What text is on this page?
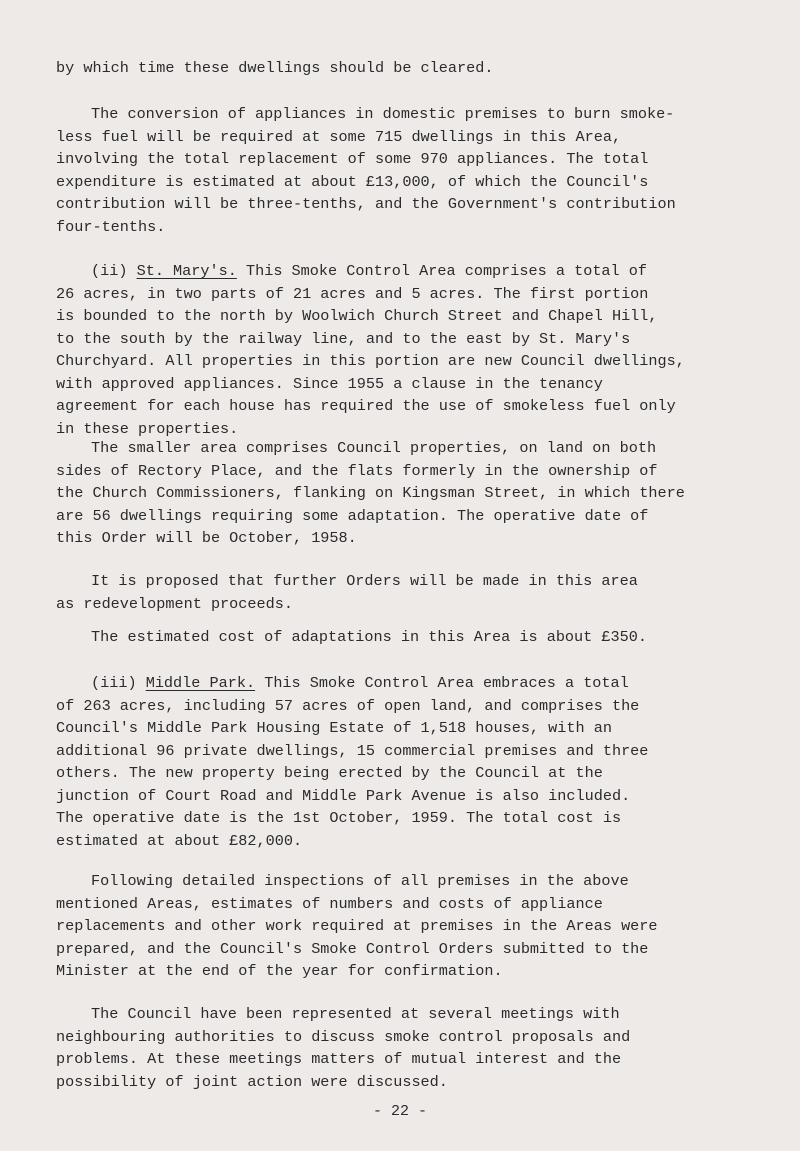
by which time these dwellings should be cleared.

The conversion of appliances in domestic premises to burn smoke-
less fuel will be required at some 715 dwellings in this Area,
involving the total replacement of some 970 appliances. The total
expenditure is estimated at about £13,000, of which the Council's
contribution will be three-tenths, and the Government's contribution
four-tenths.

(ii) St. Mary's. This Smoke Control Area comprises a total of
26 acres, in two parts of 21 acres and 5 acres. The first portion
is bounded to the north by Woolwich Church Street and Chapel Hill,
to the south by the railway line, and to the east by St. Mary's
Churchyard. All properties in this portion are new Council dwellings,
with approved appliances. Since 1955 a clause in the tenancy
agreement for each house has required the use of smokeless fuel only
in these properties.

The smaller area comprises Council properties, on land on both
sides of Rectory Place, and the flats formerly in the ownership of
the Church Commissioners, flanking on Kingsman Street, in which there
are 56 dwellings requiring some adaptation. The operative date of
this Order will be October, 1958.

It is proposed that further Orders will be made in this area
as redevelopment proceeds.

The estimated cost of adaptations in this Area is about £350.

(iii) Middle Park. This Smoke Control Area embraces a total
of 263 acres, including 57 acres of open land, and comprises the
Council's Middle Park Housing Estate of 1,518 houses, with an
additional 96 private dwellings, 15 commercial premises and three
others. The new property being erected by the Council at the
junction of Court Road and Middle Park Avenue is also included.
The operative date is the 1st October, 1959. The total cost is
estimated at about £82,000.

Following detailed inspections of all premises in the above
mentioned Areas, estimates of numbers and costs of appliance
replacements and other work required at premises in the Areas were
prepared, and the Council's Smoke Control Orders submitted to the
Minister at the end of the year for confirmation.

The Council have been represented at several meetings with
neighbouring authorities to discuss smoke control proposals and
problems. At these meetings matters of mutual interest and the
possibility of joint action were discussed.

- 22 -
